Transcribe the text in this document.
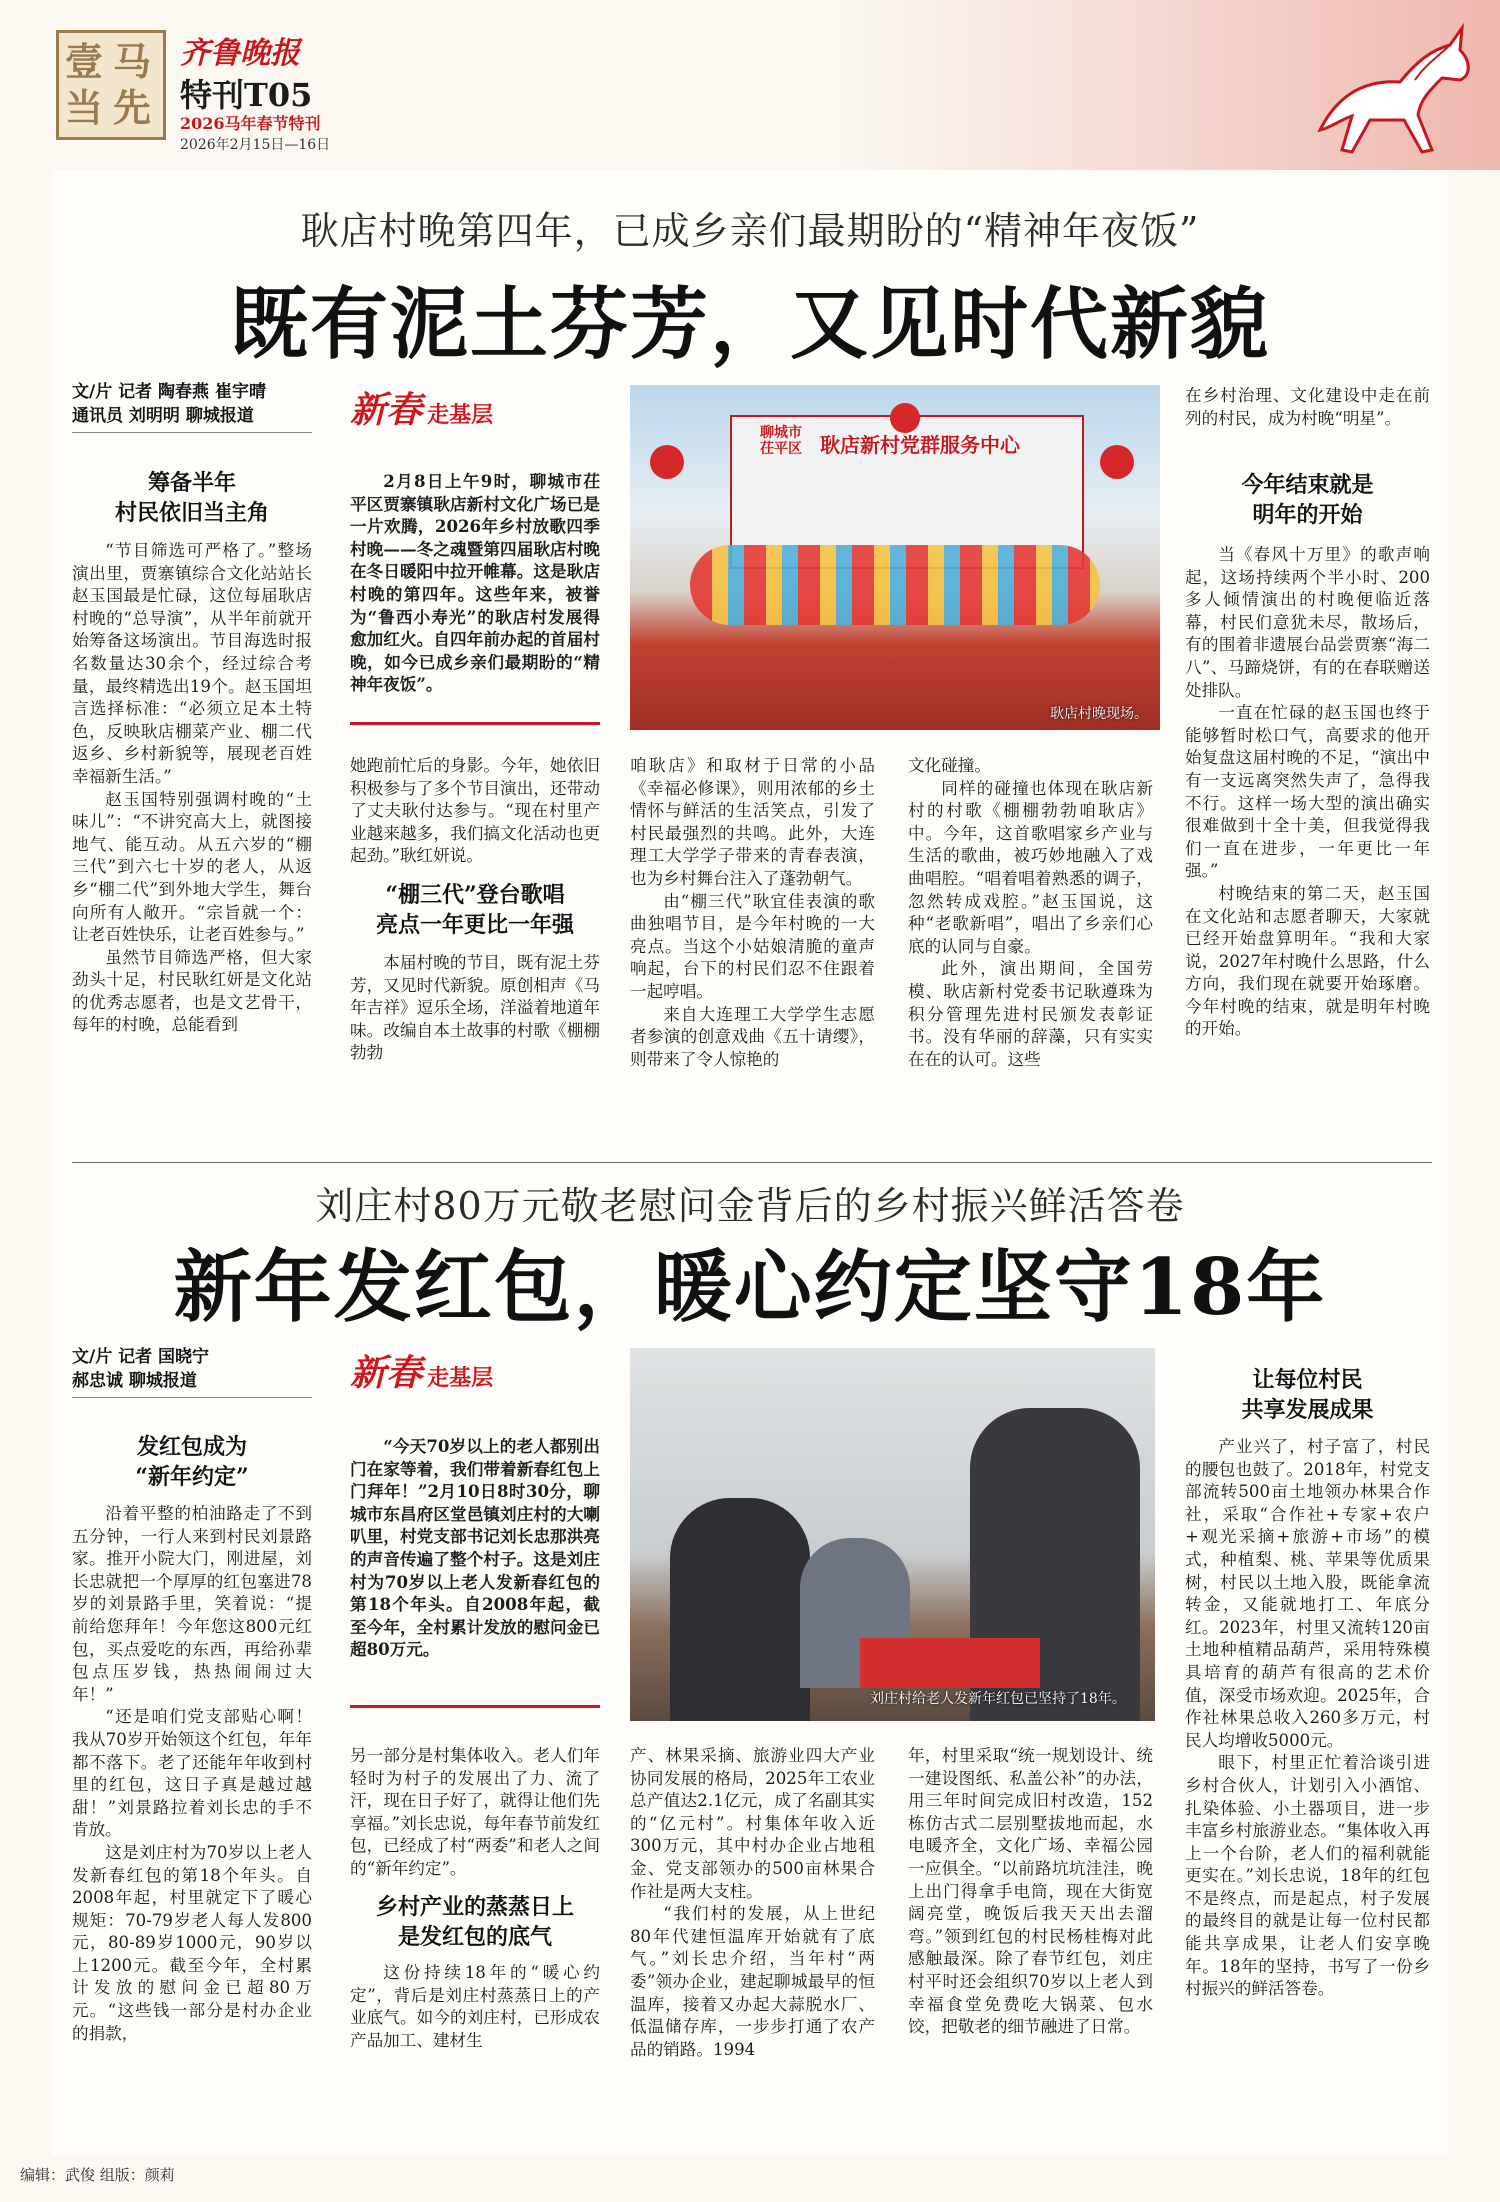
壹 马
当 先
齐鲁晚报
特刊T05
2026马年春节特刊
2026年2月15日—16日
耿店村晚第四年，已成乡亲们最期盼的“精神年夜饭”
既有泥土芬芳，又见时代新貌
文/片 记者 陶春燕 崔宇晴
通讯员 刘明明 聊城报道
筹备半年
村民依旧当主角

“节目筛选可严格了。”整场演出里，贾寨镇综合文化站站长赵玉国最是忙碌，这位每届耿店村晚的“总导演”，从半年前就开始筹备这场演出。节目海选时报名数量达30余个，经过综合考量，最终精选出19个。赵玉国坦言选择标准：“必须立足本土特色，反映耿店棚菜产业、棚二代返乡、乡村新貌等，展现老百姓幸福新生活。”

赵玉国特别强调村晚的“土味儿”：“不讲究高大上，就图接地气、能互动。从五六岁的“棚三代”到六七十岁的老人，从返乡“棚二代”到外地大学生，舞台向所有人敞开。“宗旨就一个：让老百姓快乐，让老百姓参与。”

虽然节目筛选严格，但大家劲头十足，村民耿红妍是文化站的优秀志愿者，也是文艺骨干，每年的村晚，总能看到

新春 走基层

2月8日上午9时，聊城市茌平区贾寨镇耿店新村文化广场已是一片欢腾，2026年乡村放歌四季村晚——冬之魂暨第四届耿店村晚在冬日暖阳中拉开帷幕。这是耿店村晚的第四年。这些年来，被誉为“鲁西小寿光”的耿店村发展得愈加红火。自四年前办起的首届村晚，如今已成乡亲们最期盼的“精神年夜饭”。

聊城市
茌平区 耿店新村党群服务中心
耿店村晚现场。

她跑前忙后的身影。今年，她依旧积极参与了多个节目演出，还带动了丈夫耿付达参与。“现在村里产业越来越多，我们搞文化活动也更起劲。”耿红妍说。

“棚三代”登台歌唱
亮点一年更比一年强

本届村晚的节目，既有泥土芬芳，又见时代新貌。原创相声《马年吉祥》逗乐全场，洋溢着地道年味。改编自本土故事的村歌《棚棚勃勃

咱耿店》和取材于日常的小品《幸福必修课》，则用浓郁的乡土情怀与鲜活的生活笑点，引发了村民最强烈的共鸣。此外，大连理工大学学子带来的青春表演，也为乡村舞台注入了蓬勃朝气。

由“棚三代”耿宜佳表演的歌曲独唱节目，是今年村晚的一大亮点。当这个小姑娘清脆的童声响起，台下的村民们忍不住跟着一起哼唱。

来自大连理工大学学生志愿者参演的创意戏曲《五十请缨》，则带来了令人惊艳的

文化碰撞。

同样的碰撞也体现在耿店新村的村歌《棚棚勃勃咱耿店》中。今年，这首歌唱家乡产业与生活的歌曲，被巧妙地融入了戏曲唱腔。“唱着唱着熟悉的调子，忽然转成戏腔。”赵玉国说，这种“老歌新唱”，唱出了乡亲们心底的认同与自豪。

此外，演出期间，全国劳模、耿店新村党委书记耿遵珠为积分管理先进村民颁发表彰证书。没有华丽的辞藻，只有实实在在的认可。这些

在乡村治理、文化建设中走在前列的村民，成为村晚“明星”。

今年结束就是
明年的开始

当《春风十万里》的歌声响起，这场持续两个半小时、200多人倾情演出的村晚便临近落幕，村民们意犹未尽，散场后，有的围着非遗展台品尝贾寨“海二八”、马蹄烧饼，有的在春联赠送处排队。

一直在忙碌的赵玉国也终于能够暂时松口气，高要求的他开始复盘这届村晚的不足，“演出中有一支远离突然失声了，急得我不行。这样一场大型的演出确实很难做到十全十美，但我觉得我们一直在进步，一年更比一年强。”

村晚结束的第二天，赵玉国在文化站和志愿者聊天，大家就已经开始盘算明年。“我和大家说，2027年村晚什么思路，什么方向，我们现在就要开始琢磨。今年村晚的结束，就是明年村晚的开始。

刘庄村80万元敬老慰问金背后的乡村振兴鲜活答卷
新年发红包，暖心约定坚守18年
文/片 记者 国晓宁
郝忠诚 聊城报道
发红包成为
“新年约定”

沿着平整的柏油路走了不到五分钟，一行人来到村民刘景路家。推开小院大门，刚进屋，刘长忠就把一个厚厚的红包塞进78岁的刘景路手里，笑着说：“提前给您拜年！今年您这800元红包，买点爱吃的东西，再给孙辈包点压岁钱，热热闹闹过大年！”

“还是咱们党支部贴心啊！我从70岁开始领这个红包，年年都不落下。老了还能年年收到村里的红包，这日子真是越过越甜！”刘景路拉着刘长忠的手不肯放。

这是刘庄村为70岁以上老人发新春红包的第18个年头。自2008年起，村里就定下了暖心规矩：70-79岁老人每人发800元，80-89岁1000元，90岁以上1200元。截至今年，全村累计发放的慰问金已超80万元。“这些钱一部分是村办企业的捐款，

新春 走基层

“今天70岁以上的老人都别出门在家等着，我们带着新春红包上门拜年！”2月10日8时30分，聊城市东昌府区堂邑镇刘庄村的大喇叭里，村党支部书记刘长忠那洪亮的声音传遍了整个村子。这是刘庄村为70岁以上老人发新春红包的第18个年头。自2008年起，截至今年，全村累计发放的慰问金已超80万元。

刘庄村给老人发新年红包已坚持了18年。

另一部分是村集体收入。老人们年轻时为村子的发展出了力、流了汗，现在日子好了，就得让他们先享福。”刘长忠说，每年春节前发红包，已经成了村“两委”和老人之间的“新年约定”。

乡村产业的蒸蒸日上
是发红包的底气

这份持续18年的“暖心约定”，背后是刘庄村蒸蒸日上的产业底气。如今的刘庄村，已形成农产品加工、建材生

产、林果采摘、旅游业四大产业协同发展的格局，2025年工农业总产值达2.1亿元，成了名副其实的“亿元村”。村集体年收入近300万元，其中村办企业占地租金、党支部领办的500亩林果合作社是两大支柱。

“我们村的发展，从上世纪80年代建恒温库开始就有了底气。”刘长忠介绍，当年村“两委”领办企业，建起聊城最早的恒温库，接着又办起大蒜脱水厂、低温储存库，一步步打通了农产品的销路。1994

年，村里采取“统一规划设计、统一建设图纸、私盖公补”的办法，用三年时间完成旧村改造，152栋仿古式二层别墅拔地而起，水电暖齐全，文化广场、幸福公园一应俱全。“以前路坑坑洼洼，晚上出门得拿手电筒，现在大街宽阔亮堂，晚饭后我天天出去溜弯。”领到红包的村民杨桂梅对此感触最深。除了春节红包，刘庄村平时还会组织70岁以上老人到幸福食堂免费吃大锅菜、包水饺，把敬老的细节融进了日常。

让每位村民
共享发展成果

产业兴了，村子富了，村民的腰包也鼓了。2018年，村党支部流转500亩土地领办林果合作社，采取“合作社+专家+农户+观光采摘+旅游+市场”的模式，种植梨、桃、苹果等优质果树，村民以土地入股，既能拿流转金，又能就地打工、年底分红。2023年，村里又流转120亩土地种植精品葫芦，采用特殊模具培育的葫芦有很高的艺术价值，深受市场欢迎。2025年，合作社林果总收入260多万元，村民人均增收5000元。

眼下，村里正忙着洽谈引进乡村合伙人，计划引入小酒馆、扎染体验、小土器项目，进一步丰富乡村旅游业态。“集体收入再上一个台阶，老人们的福利就能更实在。”刘长忠说，18年的红包不是终点，而是起点，村子发展的最终目的就是让每一位村民都能共享成果，让老人们安享晚年。18年的坚持，书写了一份乡村振兴的鲜活答卷。

编辑：武俊 组版：颜莉
